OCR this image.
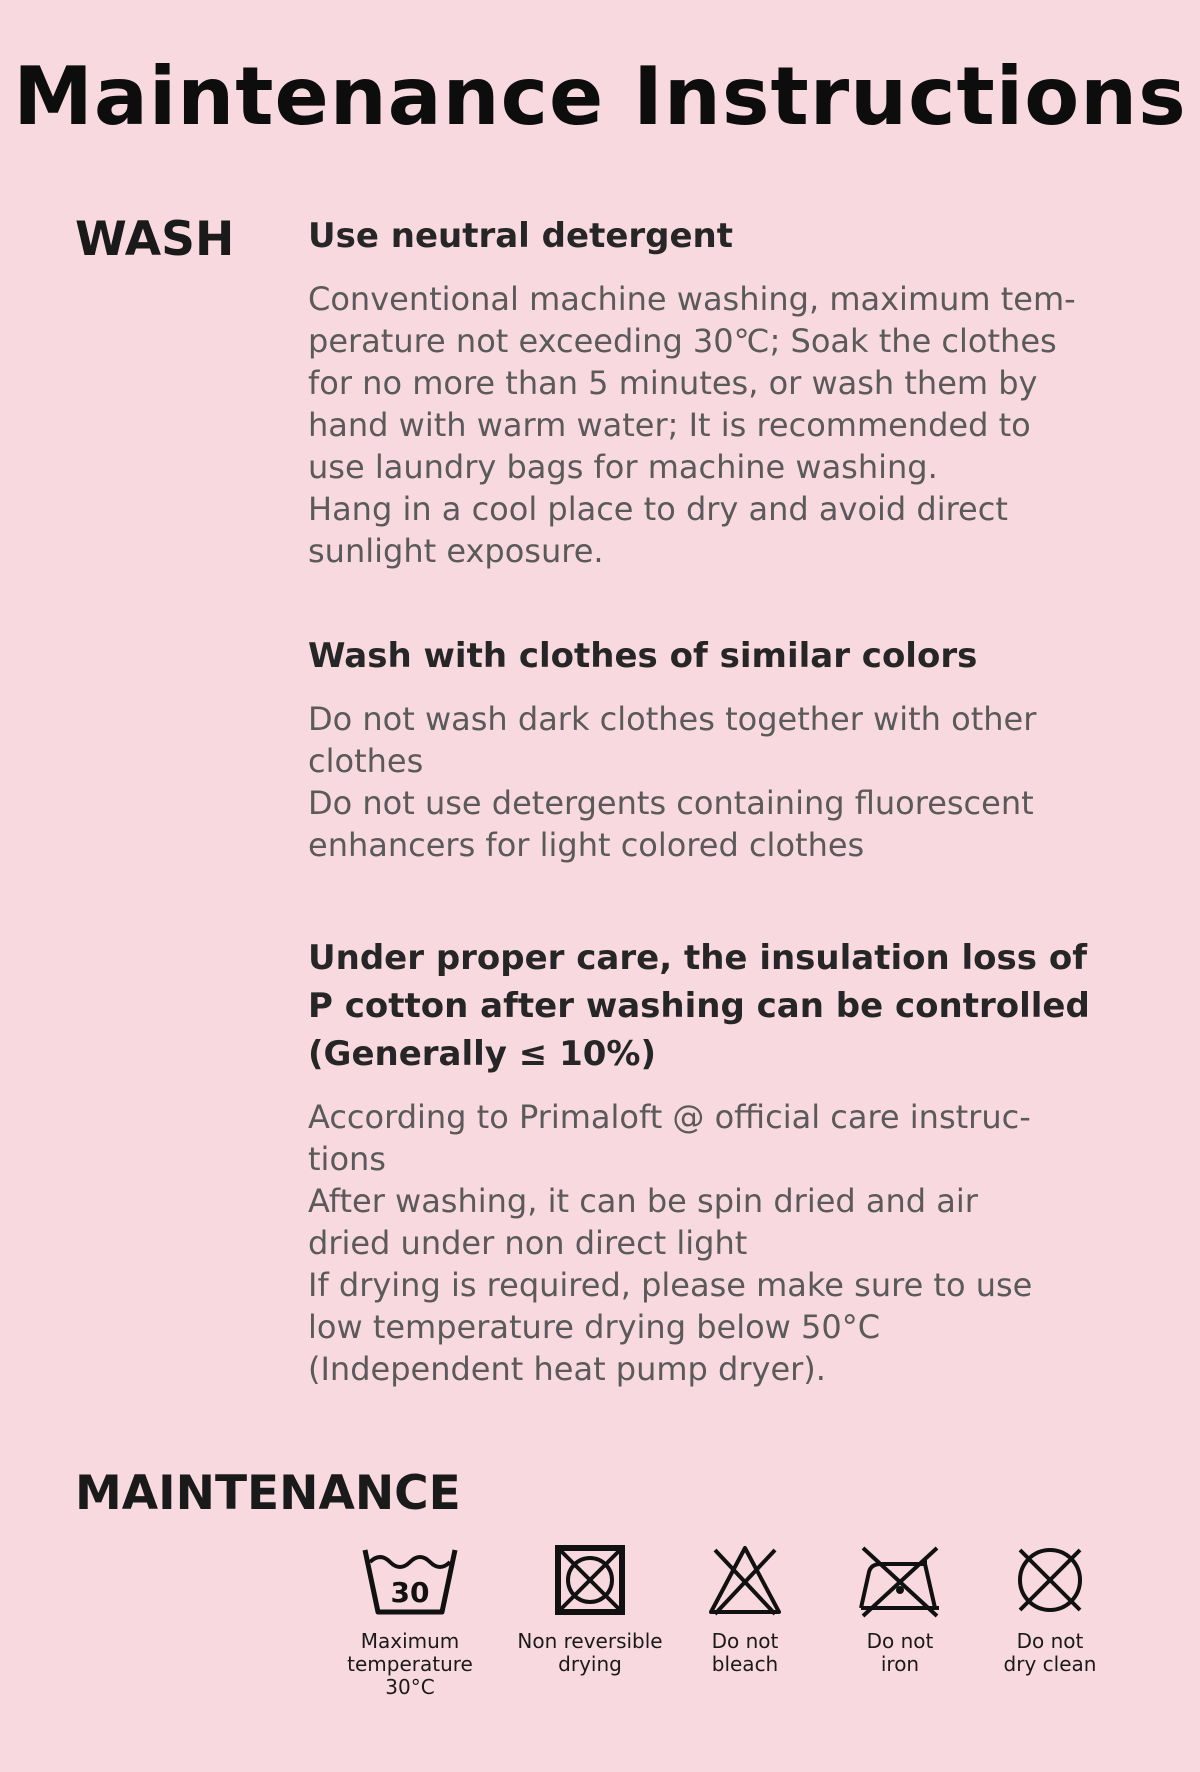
Maintenance Instructions
WASH Use neutral detergent
Conventional machine washing, maximum tem-
perature not exceeding 30℃; Soak the clothes
for no more than 5 minutes, or wash them by
hand with warm water; It is recommended to
use laundry bags for machine washing.
Hang in a cool place to dry and avoid direct
sunlight exposure.
Wash with clothes of similar colors
Do not wash dark clothes together with other
clothes
Do not use detergents containing fluorescent
enhancers for light colored clothes
Under proper care, the insulation loss of
P cotton after washing can be controlled
(Generally ≤ 10%)
According to Primaloft @ official care instruc-
tions
After washing, it can be spin dried and air
dried under non direct light
If drying is required, please make sure to use
low temperature drying below 50°C
(Independent heat pump dryer).
MAINTENANCE
30
Maximum
temperature 30°C
Non reversible
drying
Do not
bleach
Do not
iron
Do not
dry clean
